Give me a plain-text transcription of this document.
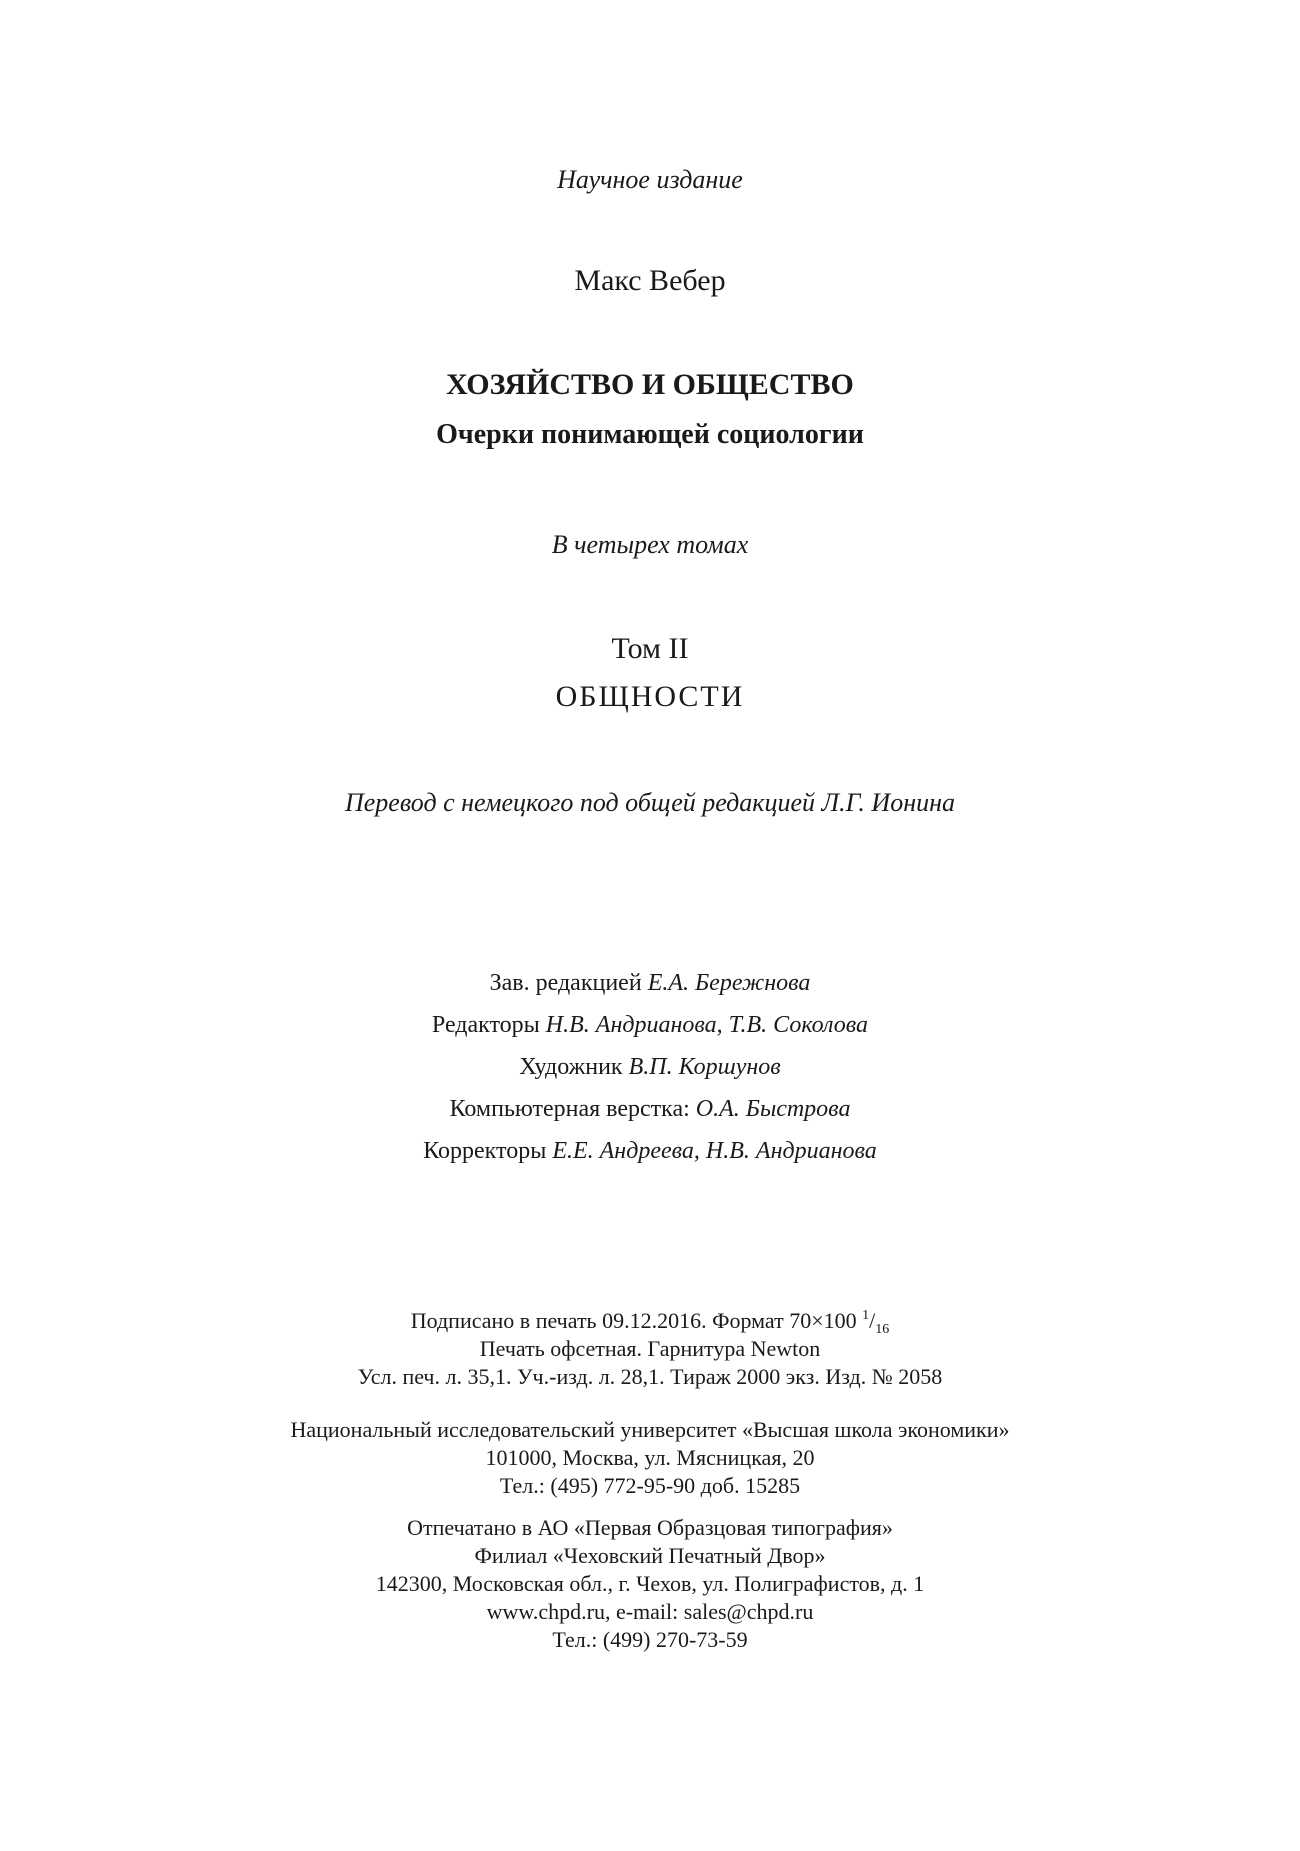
Научное издание
Макс Вебер
ХОЗЯЙСТВО И ОБЩЕСТВО
Очерки понимающей социологии
В четырех томах
Том II
ОБЩНОСТИ
Перевод с немецкого под общей редакцией Л.Г. Ионина
Зав. редакцией Е.А. Бережнова
Редакторы Н.В. Андрианова, Т.В. Соколова
Художник В.П. Коршунов
Компьютерная верстка: О.А. Быстрова
Корректоры Е.Е. Андреева, Н.В. Андрианова
Подписано в печать 09.12.2016. Формат 70×100 $^1/_{16}$
Печать офсетная. Гарнитура Newton
Усл. печ. л. 35,1. Уч.-изд. л. 28,1. Тираж 2000 экз. Изд. № 2058
Национальный исследовательский университет «Высшая школа экономики»
101000, Москва, ул. Мясницкая, 20
Тел.: (495) 772-95-90 доб. 15285
Отпечатано в АО «Первая Образцовая типография»
Филиал «Чеховский Печатный Двор»
142300, Московская обл., г. Чехов, ул. Полиграфистов, д. 1
www.chpd.ru, e-mail: sales@chpd.ru
Тел.: (499) 270-73-59
